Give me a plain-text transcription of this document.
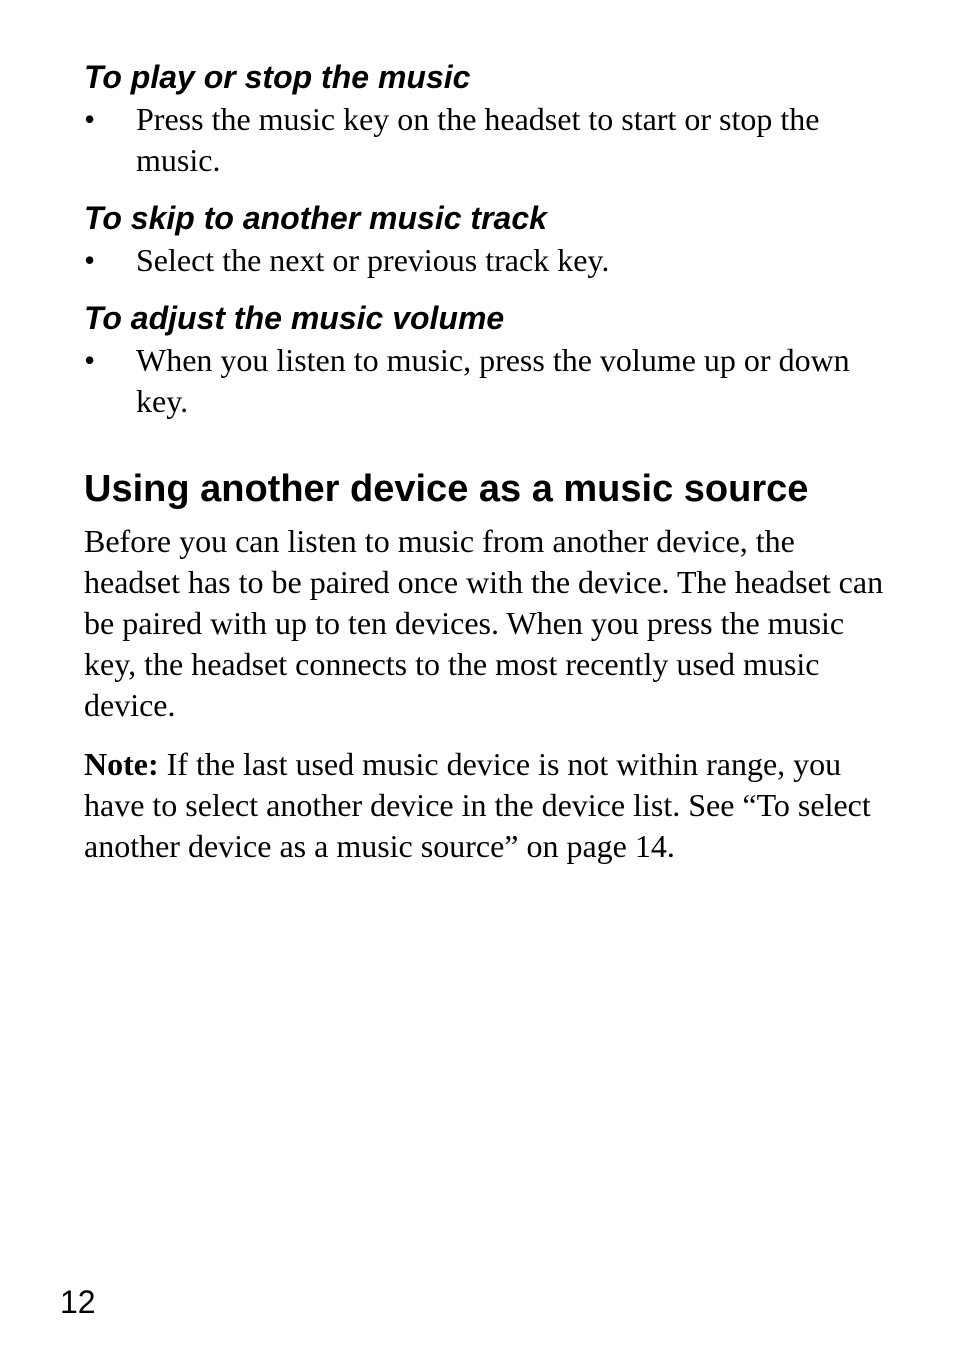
To play or stop the music
• Press the music key on the headset to start or stop the music.
To skip to another music track
• Select the next or previous track key.
To adjust the music volume
• When you listen to music, press the volume up or down key.
Using another device as a music source

Before you can listen to music from another device, the headset has to be paired once with the device. The headset can be paired with up to ten devices. When you press the music key, the headset connects to the most recently used music device.

Note: If the last used music device is not within range, you have to select another device in the device list. See “To select another device as a music source” on page 14.

12
